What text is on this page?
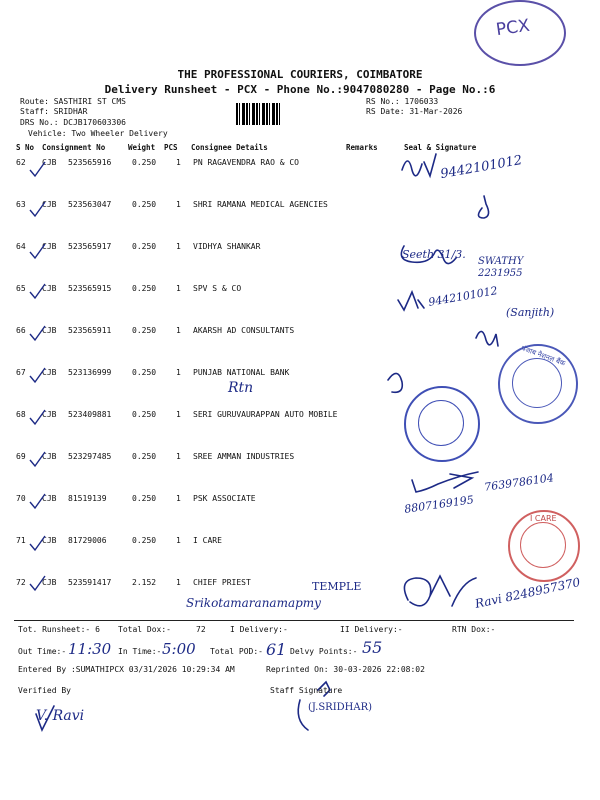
PCX
THE PROFESSIONAL COURIERS, COIMBATORE
Delivery Runsheet - PCX - Phone No.:9047080280 - Page No.:6
Route: SASTHIRI ST CMS
Staff: SRIDHAR
DRS No.: DCJB170603306
Vehicle: Two Wheeler Delivery
RS No.: 1706033
RS Date: 31-Mar-2026
S No Consignment No	Weight PCS Consignee Details	Remarks	Seal & Signature
62 CJB 523565916	0.250 1 PN RAGAVENDRA RAO & CO
63 CJB 523563047	0.250 1 SHRI RAMANA MEDICAL AGENCIES
64 CJB 523565917	0.250 1 VIDHYA SHANKAR
65 CJB 523565915	0.250 1 SPV S & CO
66 CJB 523565911	0.250 1 AKARSH AD CONSULTANTS
67 CJB 523136999	0.250 1 PUNJAB NATIONAL BANK
68 CJB 523409881	0.250 1 SERI GURUVAURAPPAN AUTO MOBILE
69 CJB 523297485	0.250 1 SREE AMMAN INDUSTRIES
70 CJB 81519139	0.250 1 PSK ASSOCIATE
71 CJB 81729006	0.250 1 I CARE
72 CJB 523591417	2.152 1 CHIEF PRIEST
9442101012
Seeth 31/3.
SWATHY 2231955
9442101012
(Sanjith)
Rtn
7639786104
8807169195
TEMPLE
Srikotamaranamapmy	Ravi 8248957370
पंजाब नैशनल बैंक
I CARE
Tot. Runsheet:- 6 Total Dox:-	72	I Delivery:-	II Delivery:-	RTN Dox:-
Out Time:- 11:30 In Time:- 5:00 Total POD:- 61 Delvy Points:- 55
Entered By :SUMATHIPCX 03/31/2026 10:29:34 AM	Reprinted On: 30-03-2026 22:08:02
Verified By	Staff Signature
V. Ravi
(J.SRIDHAR)
